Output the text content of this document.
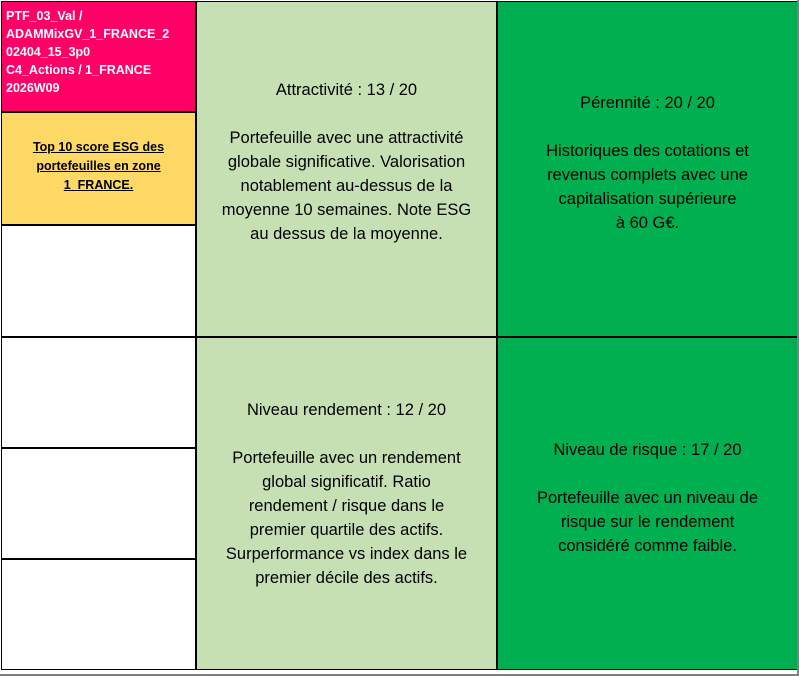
PTF_03_Val /
ADAMMixGV_1_FRANCE_2
02404_15_3p0
C4_Actions / 1_FRANCE
2026W09
Top 10 score ESG des portefeuilles en zone 1_FRANCE.

Attractivité : 13 / 20

Portefeuille avec une attractivité

globale significative. Valorisation

notablement au-dessus de la

moyenne 10 semaines. Note ESG

au dessus de la moyenne.

Niveau rendement : 12 / 20

Portefeuille avec un rendement

global significatif. Ratio

rendement / risque dans le

premier quartile des actifs.

Surperformance vs index dans le

premier décile des actifs.

Pérennité : 20 / 20

Historiques des cotations et

revenus complets avec une

capitalisation supérieure

à 60 G€.

Niveau de risque : 17 / 20

Portefeuille avec un niveau de

risque sur le rendement

considéré comme faible.
